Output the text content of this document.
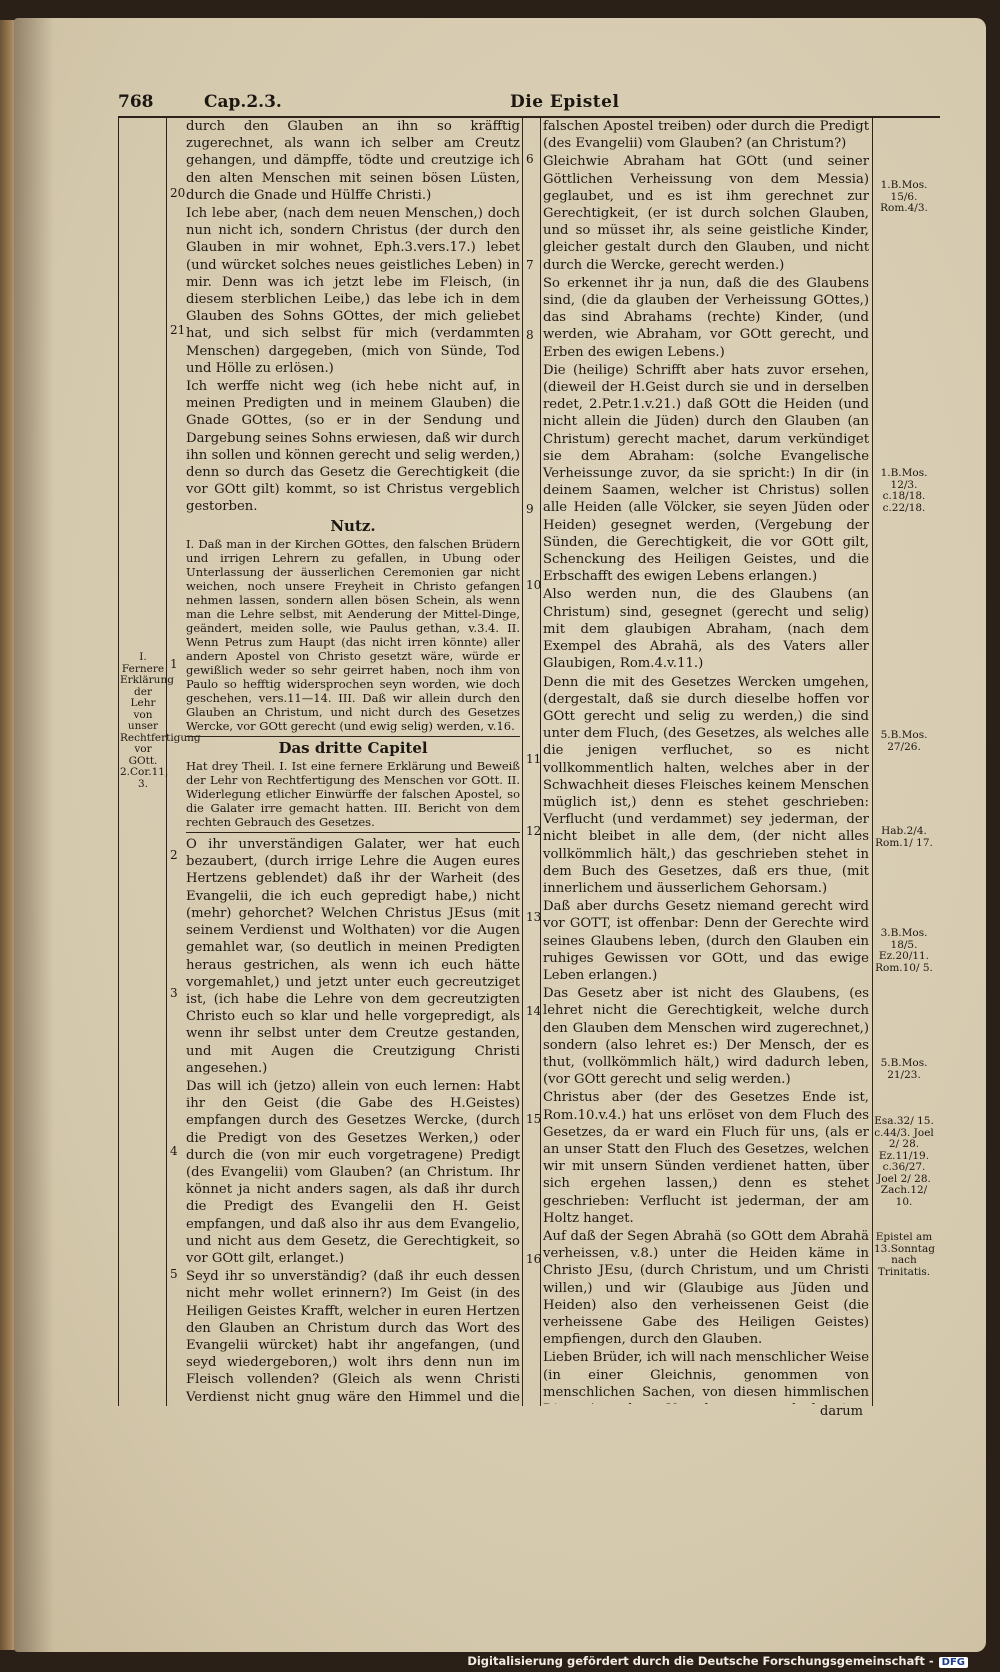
768	Cap.2.3.	Die Epistel
I. Fernere Erklärung der Lehr von unser Rechtfertigung vor GOtt. 2.Cor.11, 3.
20
21
1
2
3
4
5

durch den Glauben an ihn so kräfftig zugerechnet, als wann ich selber am Creutz gehangen, und dämpffe, tödte und creutzige ich den alten Menschen mit seinen bösen Lüsten, durch die Gnade und Hülffe Christi.)

Ich lebe aber, (nach dem neuen Menschen,) doch nun nicht ich, sondern Christus (der durch den Glauben in mir wohnet, Eph.3.vers.17.) lebet (und würcket solches neues geistliches Leben) in mir. Denn was ich jetzt lebe im Fleisch, (in diesem sterblichen Leibe,) das lebe ich in dem Glauben des Sohns GOttes, der mich geliebet hat, und sich selbst für mich (verdammten Menschen) dargegeben, (mich von Sünde, Tod und Hölle zu erlösen.)

Ich werffe nicht weg (ich hebe nicht auf, in meinen Predigten und in meinem Glauben) die Gnade GOttes, (so er in der Sendung und Dargebung seines Sohns erwiesen, daß wir durch ihn sollen und können gerecht und selig werden,) denn so durch das Gesetz die Gerechtigkeit (die vor GOtt gilt) kommt, so ist Christus vergeblich gestorben.

Nutz.

I. Daß man in der Kirchen GOttes, den falschen Brüdern und irrigen Lehrern zu gefallen, in Ubung oder Unterlassung der äusserlichen Ceremonien gar nicht weichen, noch unsere Freyheit in Christo gefangen nehmen lassen, sondern allen bösen Schein, als wenn man die Lehre selbst, mit Aenderung der Mittel-Dinge, geändert, meiden solle, wie Paulus gethan, v.3.4. II. Wenn Petrus zum Haupt (das nicht irren könnte) aller andern Apostel von Christo gesetzt wäre, würde er gewißlich weder so sehr geirret haben, noch ihm von Paulo so hefftig widersprochen seyn worden, wie doch geschehen, vers.11—14. III. Daß wir allein durch den Glauben an Christum, und nicht durch des Gesetzes Wercke, vor GOtt gerecht (und ewig selig) werden, v.16.

Das dritte Capitel

Hat drey Theil. I. Ist eine fernere Erklärung und Beweiß der Lehr von Rechtfertigung des Menschen vor GOtt. II. Widerlegung etlicher Einwürffe der falschen Apostel, so die Galater irre gemacht hatten. III. Bericht von dem rechten Gebrauch des Gesetzes.

O ihr unverständigen Galater, wer hat euch bezaubert, (durch irrige Lehre die Augen eures Hertzens geblendet) daß ihr der Warheit (des Evangelii, die ich euch gepredigt habe,) nicht (mehr) gehorchet? Welchen Christus JEsus (mit seinem Verdienst und Wolthaten) vor die Augen gemahlet war, (so deutlich in meinen Predigten heraus gestrichen, als wenn ich euch hätte vorgemahlet,) und jetzt unter euch gecreutziget ist, (ich habe die Lehre von dem gecreutzigten Christo euch so klar und helle vorgepredigt, als wenn ihr selbst unter dem Creutze gestanden, und mit Augen die Creutzigung Christi angesehen.)

Das will ich (jetzo) allein von euch lernen: Habt ihr den Geist (die Gabe des H.Geistes) empfangen durch des Gesetzes Wercke, (durch die Predigt von des Gesetzes Werken,) oder durch die (von mir euch vorgetragene) Predigt (des Evangelii) vom Glauben? (an Christum. Ihr könnet ja nicht anders sagen, als daß ihr durch die Predigt des Evangelii den H. Geist empfangen, und daß also ihr aus dem Evangelio, und nicht aus dem Gesetz, die Gerechtigkeit, so vor GOtt gilt, erlanget.)

Seyd ihr so unverständig? (daß ihr euch dessen nicht mehr wollet erinnern?) Im Geist (in des Heiligen Geistes Krafft, welcher in euren Hertzen den Glauben an Christum durch das Wort des Evangelii würcket) habt ihr angefangen, (und seyd wiedergeboren,) wolt ihrs denn nun im Fleisch vollenden? (Gleich als wenn Christi Verdienst nicht gnug wäre den Himmel und die

6
7
8
9
10
11
12
13
14
15
16

falschen Apostel treiben) oder durch die Predigt (des Evangelii) vom Glauben? (an Christum?)

Gleichwie Abraham hat GOtt (und seiner Göttlichen Verheissung von dem Messia) geglaubet, und es ist ihm gerechnet zur Gerechtigkeit, (er ist durch solchen Glauben, und so müsset ihr, als seine geistliche Kinder, gleicher gestalt durch den Glauben, und nicht durch die Wercke, gerecht werden.)

So erkennet ihr ja nun, daß die des Glaubens sind, (die da glauben der Verheissung GOttes,) das sind Abrahams (rechte) Kinder, (und werden, wie Abraham, vor GOtt gerecht, und Erben des ewigen Lebens.)

Die (heilige) Schrifft aber hats zuvor ersehen, (dieweil der H.Geist durch sie und in derselben redet, 2.Petr.1.v.21.) daß GOtt die Heiden (und nicht allein die Jüden) durch den Glauben (an Christum) gerecht machet, darum verkündiget sie dem Abraham: (solche Evangelische Verheissunge zuvor, da sie spricht:) In dir (in deinem Saamen, welcher ist Christus) sollen alle Heiden (alle Völcker, sie seyen Jüden oder Heiden) gesegnet werden, (Vergebung der Sünden, die Gerechtigkeit, die vor GOtt gilt, Schenckung des Heiligen Geistes, und die Erbschafft des ewigen Lebens erlangen.)

Also werden nun, die des Glaubens (an Christum) sind, gesegnet (gerecht und selig) mit dem glaubigen Abraham, (nach dem Exempel des Abrahä, als des Vaters aller Glaubigen, Rom.4.v.11.)

Denn die mit des Gesetzes Wercken umgehen, (dergestalt, daß sie durch dieselbe hoffen vor GOtt gerecht und selig zu werden,) die sind unter dem Fluch, (des Gesetzes, als welches alle die jenigen verfluchet, so es nicht vollkommentlich halten, welches aber in der Schwachheit dieses Fleisches keinem Menschen müglich ist,) denn es stehet geschrieben: Verflucht (und verdammet) sey jederman, der nicht bleibet in alle dem, (der nicht alles vollkömmlich hält,) das geschrieben stehet in dem Buch des Gesetzes, daß ers thue, (mit innerlichem und äusserlichem Gehorsam.)

Daß aber durchs Gesetz niemand gerecht wird vor GOTT, ist offenbar: Denn der Gerechte wird seines Glaubens leben, (durch den Glauben ein ruhiges Gewissen vor GOtt, und das ewige Leben erlangen.)

Das Gesetz aber ist nicht des Glaubens, (es lehret nicht die Gerechtigkeit, welche durch den Glauben dem Menschen wird zugerechnet,) sondern (also lehret es:) Der Mensch, der es thut, (vollkömmlich hält,) wird dadurch leben, (vor GOtt gerecht und selig werden.)

Christus aber (der des Gesetzes Ende ist, Rom.10.v.4.) hat uns erlöset von dem Fluch des Gesetzes, da er ward ein Fluch für uns, (als er an unser Statt den Fluch des Gesetzes, welchen wir mit unsern Sünden verdienet hatten, über sich ergehen lassen,) denn es stehet geschrieben: Verflucht ist jederman, der am Holtz hanget.

Auf daß der Segen Abrahä (so GOtt dem Abrahä verheissen, v.8.) unter die Heiden käme in Christo JEsu, (durch Christum, und um Christi willen,) und wir (Glaubige aus Jüden und Heiden) also den verheissenen Geist (die verheissene Gabe des Heiligen Geistes) empfiengen, durch den Glauben.

Lieben Brüder, ich will nach menschlicher Weise (in einer Gleichnis, genommen von menschlichen Sachen, von diesen himmlischen

1.B.Mos. 15/6. Rom.4/3.
1.B.Mos. 12/3. c.18/18. c.22/18.
5.B.Mos. 27/26.
Hab.2/4. Rom.1/ 17.
3.B.Mos. 18/5. Ez.20/11. Rom.10/ 5.
5.B.Mos. 21/23.
Esa.32/ 15. c.44/3. Joel 2/ 28. Ez.11/19. c.36/27. Joel 2/ 28. Zach.12/ 10.
Epistel am 13.Sonntag nach Trinitatis.
darum
Digitalisierung gefördert durch die Deutsche Forschungsgemeinschaft - DFG
